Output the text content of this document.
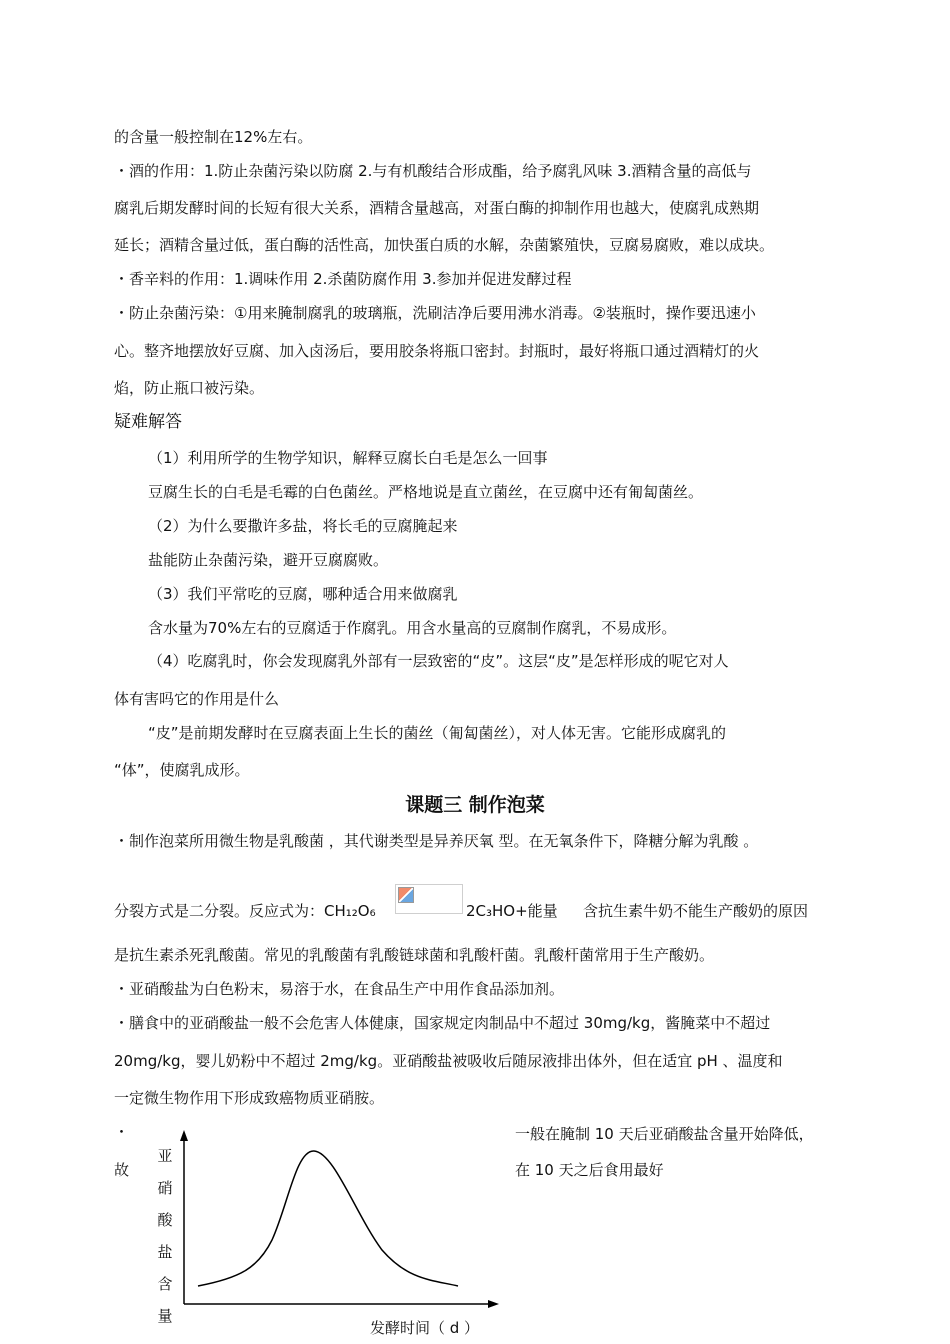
的含量一般控制在12%左右。
・酒的作用：1.防止杂菌污染以防腐 2.与有机酸结合形成酯，给予腐乳风味 3.酒精含量的高低与
腐乳后期发酵时间的长短有很大关系，酒精含量越高，对蛋白酶的抑制作用也越大，使腐乳成熟期
延长；酒精含量过低，蛋白酶的活性高，加快蛋白质的水解，杂菌繁殖快，豆腐易腐败，难以成块。
・香辛料的作用：1.调味作用 2.杀菌防腐作用 3.参加并促进发酵过程
・防止杂菌污染：①用来腌制腐乳的玻璃瓶，洗刷洁净后要用沸水消毒。②装瓶时，操作要迅速小
心。整齐地摆放好豆腐、加入卤汤后，要用胶条将瓶口密封。封瓶时，最好将瓶口通过酒精灯的火
焰，防止瓶口被污染。
疑难解答
（1）利用所学的生物学知识，解释豆腐长白毛是怎么一回事
豆腐生长的白毛是毛霉的白色菌丝。严格地说是直立菌丝，在豆腐中还有匍匐菌丝。
（2）为什么要撒许多盐，将长毛的豆腐腌起来
盐能防止杂菌污染，避开豆腐腐败。
（3）我们平常吃的豆腐，哪种适合用来做腐乳
含水量为70%左右的豆腐适于作腐乳。用含水量高的豆腐制作腐乳，不易成形。
（4）吃腐乳时，你会发现腐乳外部有一层致密的“皮”。这层“皮”是怎样形成的呢它对人
体有害吗它的作用是什么
“皮”是前期发酵时在豆腐表面上生长的菌丝（匍匐菌丝），对人体无害。它能形成腐乳的
“体”，使腐乳成形。
课题三 制作泡菜
・制作泡菜所用微生物是乳酸菌 ，其代谢类型是异养厌氧 型。在无氧条件下，降糖分解为乳酸 。
分裂方式是二分裂。反应式为：CH₁₂O₆	2C₃HO+能量 含抗生素牛奶不能生产酸奶的原因
是抗生素杀死乳酸菌。常见的乳酸菌有乳酸链球菌和乳酸杆菌。乳酸杆菌常用于生产酸奶。
・亚硝酸盐为白色粉末，易溶于水，在食品生产中用作食品添加剂。
・膳食中的亚硝酸盐一般不会危害人体健康，国家规定肉制品中不超过 30mg/kg，酱腌菜中不超过
20mg/kg，婴儿奶粉中不超过 2mg/kg。亚硝酸盐被吸收后随尿液排出体外，但在适宜 pH 、温度和
一定微生物作用下形成致癌物质亚硝胺。
・
故
一般在腌制 10 天后亚硝酸盐含量开始降低，
在 10 天之后食用最好
亚
硝
酸
盐
含
量
发酵时间（ d ）
